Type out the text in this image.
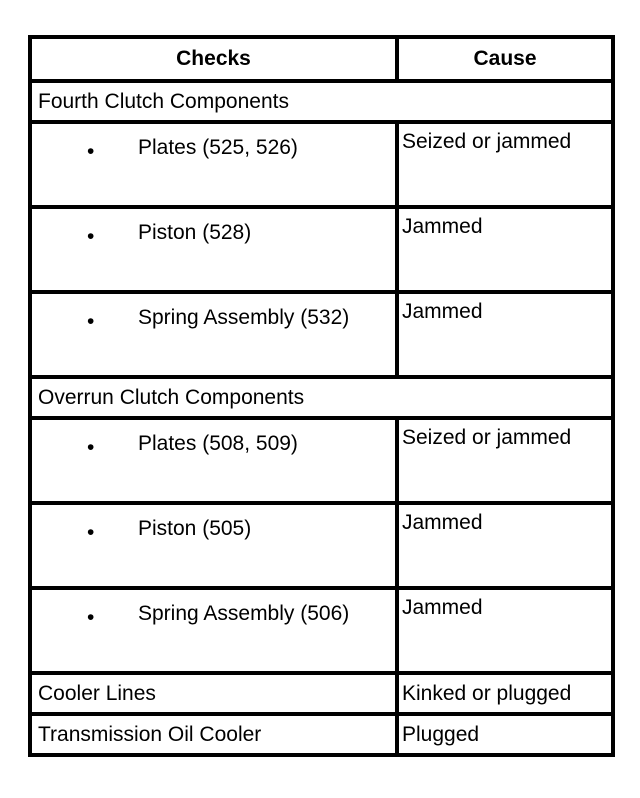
Checks	Cause
Fourth Clutch Components	

• Plates (525, 526)	Seized or jammed

• Piston (528)	Jammed

• Spring Assembly (532)	Jammed
Overrun Clutch Components	

• Plates (508, 509)	Seized or jammed

• Piston (505)	Jammed

• Spring Assembly (506)	Jammed
Cooler Lines	Kinked or plugged
Transmission Oil Cooler	Plugged
